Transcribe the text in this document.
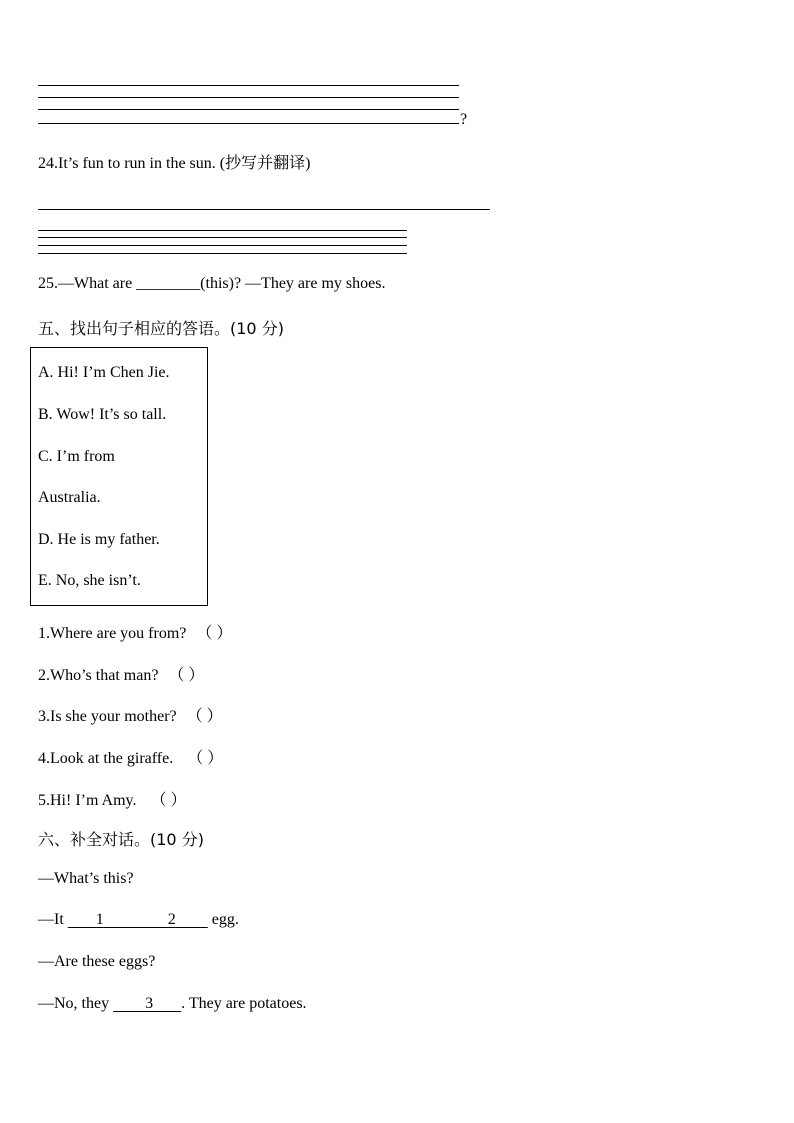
?
24.It’s fun to run in the sun. (抄写并翻译)
25.—What are ________(this)? —They are my shoes.
五、找出句子相应的答语。(10 分)
A. Hi! I’m Chen Jie.
B. Wow! It’s so tall.
C. I’m from
Australia.
D. He is my father.
E. No, she isn’t.
1.Where are you from? （ ）
2.Who’s that man? （ ）
3.Is she your mother? （ ）
4.Look at the giraffe. （ ）
5.Hi! I’m Amy. （ ）
六、补全对话。(10 分)
—What’s this?
—It        1	2         egg.
—Are these eggs?
—No, they         3 . They are potatoes.
